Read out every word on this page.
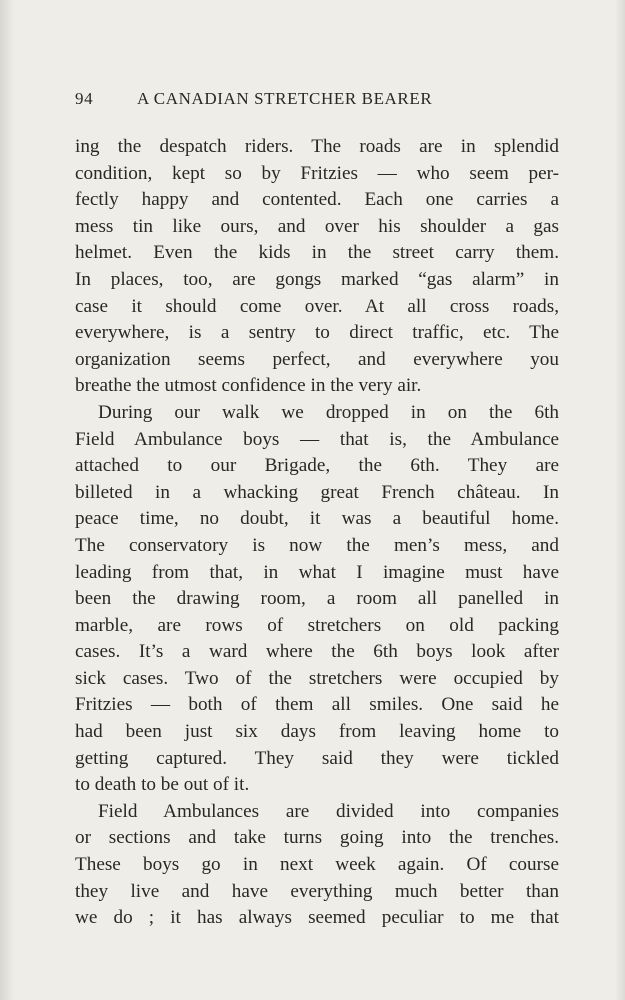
94	A CANADIAN STRETCHER BEARER
ing the despatch riders. The roads are in splendid
condition, kept so by Fritzies — who seem per-
fectly happy and contented. Each one carries a
mess tin like ours, and over his shoulder a gas
helmet. Even the kids in the street carry them.
In places, too, are gongs marked “gas alarm” in
case it should come over. At all cross roads,
everywhere, is a sentry to direct traffic, etc. The
organization seems perfect, and everywhere you
breathe the utmost confidence in the very air.
During our walk we dropped in on the 6th
Field Ambulance boys — that is, the Ambulance
attached to our Brigade, the 6th. They are
billeted in a whacking great French château. In
peace time, no doubt, it was a beautiful home.
The conservatory is now the men’s mess, and
leading from that, in what I imagine must have
been the drawing room, a room all panelled in
marble, are rows of stretchers on old packing
cases. It’s a ward where the 6th boys look after
sick cases. Two of the stretchers were occupied by
Fritzies — both of them all smiles. One said he
had been just six days from leaving home to
getting captured. They said they were tickled
to death to be out of it.
Field Ambulances are divided into companies
or sections and take turns going into the trenches.
These boys go in next week again. Of course
they live and have everything much better than
we do ; it has always seemed peculiar to me that
